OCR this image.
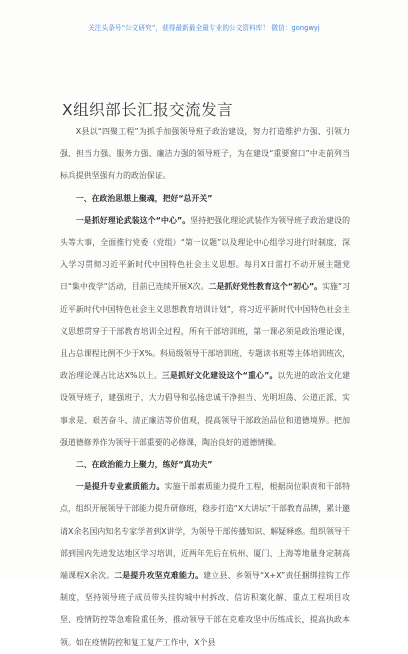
关注头条号“公文研究”，获得最新最全最专业的公文资料库！ 微信：gongwyj
X组织部长汇报交流发言

X县以“四聚工程”为抓手加强领导班子政治建设，努力打造维护力强、引领力强、担当力强、服务力强、廉洁力强的领导班子，为在建设“重要窗口”中走前列当标兵提供坚强有力的政治保证。

一、在政治思想上聚魂，把好“总开关”

一是抓好理论武装这个“中心”。坚持把强化理论武装作为领导班子政治建设的头等大事，全面推行党委（党组）“第一议题”以及理论中心组学习进行时制度，深入学习贯彻习近平新时代中国特色社会主义思想。每月X日雷打不动开展主题党日“集中夜学”活动，目前已连续开展X次。二是抓好党性教育这个“初心”。实施“习近平新时代中国特色社会主义思想教育培训计划”，将习近平新时代中国特色社会主义思想贯穿于干部教育培训全过程，所有干部培训班，第一课必须是政治理论课，且占总课程比例不少于X%。科局级领导干部培训班、专题读书班等主体培训班次，政治理论课占比达X%以上。三是抓好文化建设这个“重心”。以先进的政治文化建设领导班子，建强班子，大力倡导和弘扬忠诚干净担当、光明坦荡、公道正派、实事求是、艰苦奋斗、清正廉洁等价值观，提高领导干部政治品位和道德境界。把加强道德修养作为领导干部重要的必修课，陶冶良好的道德情操。

二、在政治能力上聚力，练好“真功夫”

一是提升专业素质能力。实施干部素质能力提升工程，根据岗位职责和干部特点，组织开展领导干部能力提升研修班，稳步打造“X大讲坛”干部教育品牌，累计邀请X余名国内知名专家学者到X讲学，为领导干部传播知识、解疑释惑。组织领导干部到国内先进发达地区学习培训，近两年先后在杭州、厦门、上海等地量身定制高端课程X余次。二是提升攻坚克难能力。建立县、乡领导“X+X”责任捆绑挂钩工作制度，坚持领导班子成员带头挂钩城中村拆改、信访积案化解、重点工程项目攻坚、疫情防控等急难险重任务，推动领导干部在克难攻坚中历练成长，提高执政本领。如在疫情防控和复工复产工作中，X个县
